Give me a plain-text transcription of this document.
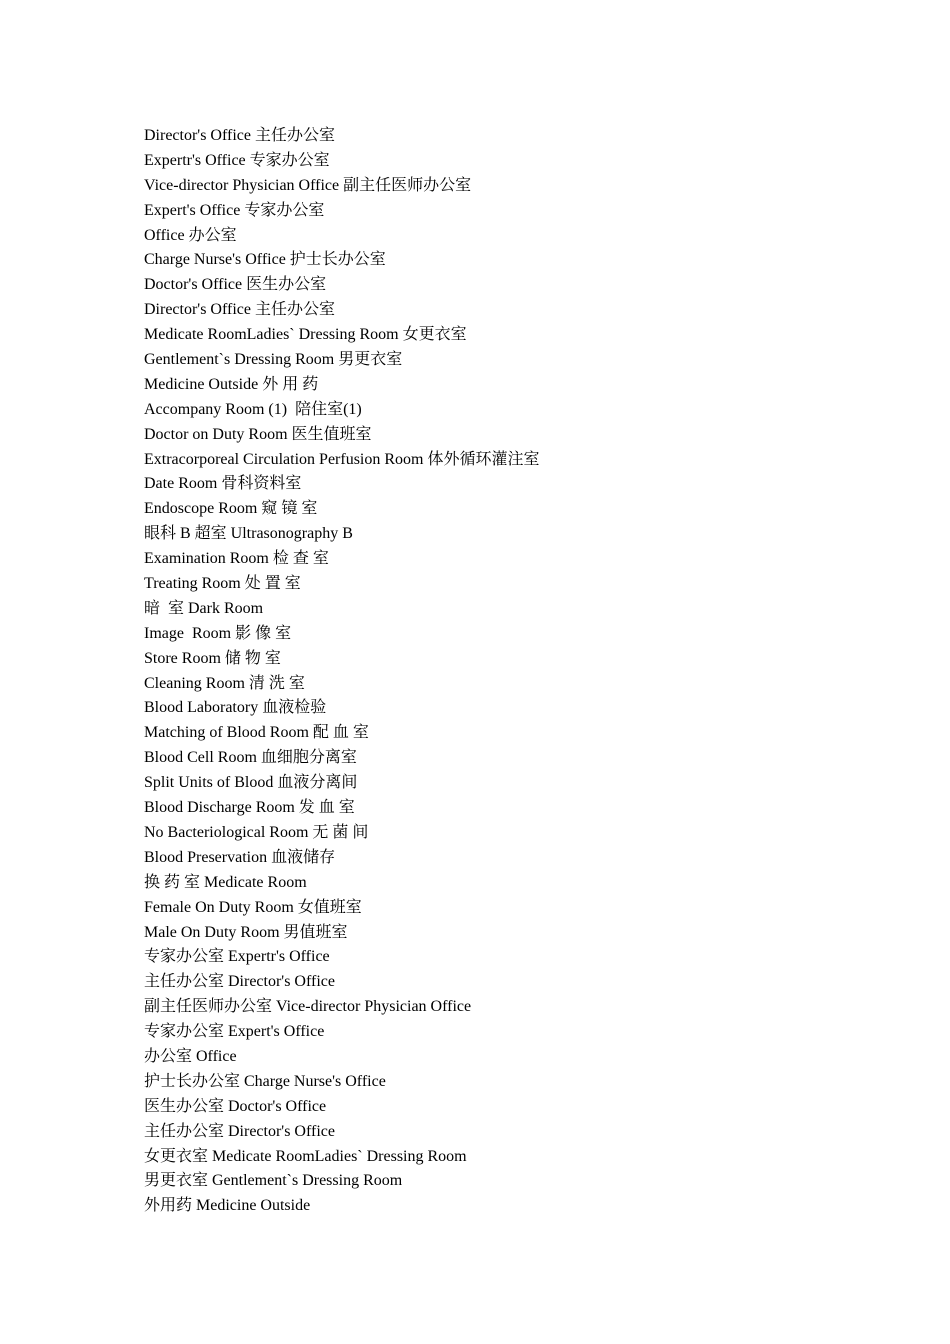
Director's Office 主任办公室
Expertr's Office 专家办公室
Vice-director Physician Office 副主任医师办公室
Expert's Office 专家办公室
Office 办公室
Charge Nurse's Office 护士长办公室
Doctor's Office 医生办公室
Director's Office 主任办公室
Medicate RoomLadies` Dressing Room 女更衣室
Gentlement`s Dressing Room 男更衣室
Medicine Outside 外 用 药
Accompany Room (1)  陪住室(1)
Doctor on Duty Room 医生值班室
Extracorporeal Circulation Perfusion Room 体外循环灌注室
Date Room 骨科资料室
Endoscope Room 窥 镜 室
眼科 B 超室 Ultrasonography B
Examination Room 检 查 室
Treating Room 处 置 室
暗  室 Dark Room
Image  Room 影 像 室
Store Room 储 物 室
Cleaning Room 清 洗 室
Blood Laboratory 血液检验
Matching of Blood Room 配 血 室
Blood Cell Room 血细胞分离室
Split Units of Blood 血液分离间
Blood Discharge Room 发 血 室
No Bacteriological Room 无 菌 间
Blood Preservation 血液储存
换 药 室 Medicate Room
Female On Duty Room 女值班室
Male On Duty Room 男值班室
专家办公室 Expertr's Office
主任办公室 Director's Office
副主任医师办公室 Vice-director Physician Office
专家办公室 Expert's Office
办公室 Office
护士长办公室 Charge Nurse's Office
医生办公室 Doctor's Office
主任办公室 Director's Office
女更衣室 Medicate RoomLadies` Dressing Room
男更衣室 Gentlement`s Dressing Room
外用药 Medicine Outside
